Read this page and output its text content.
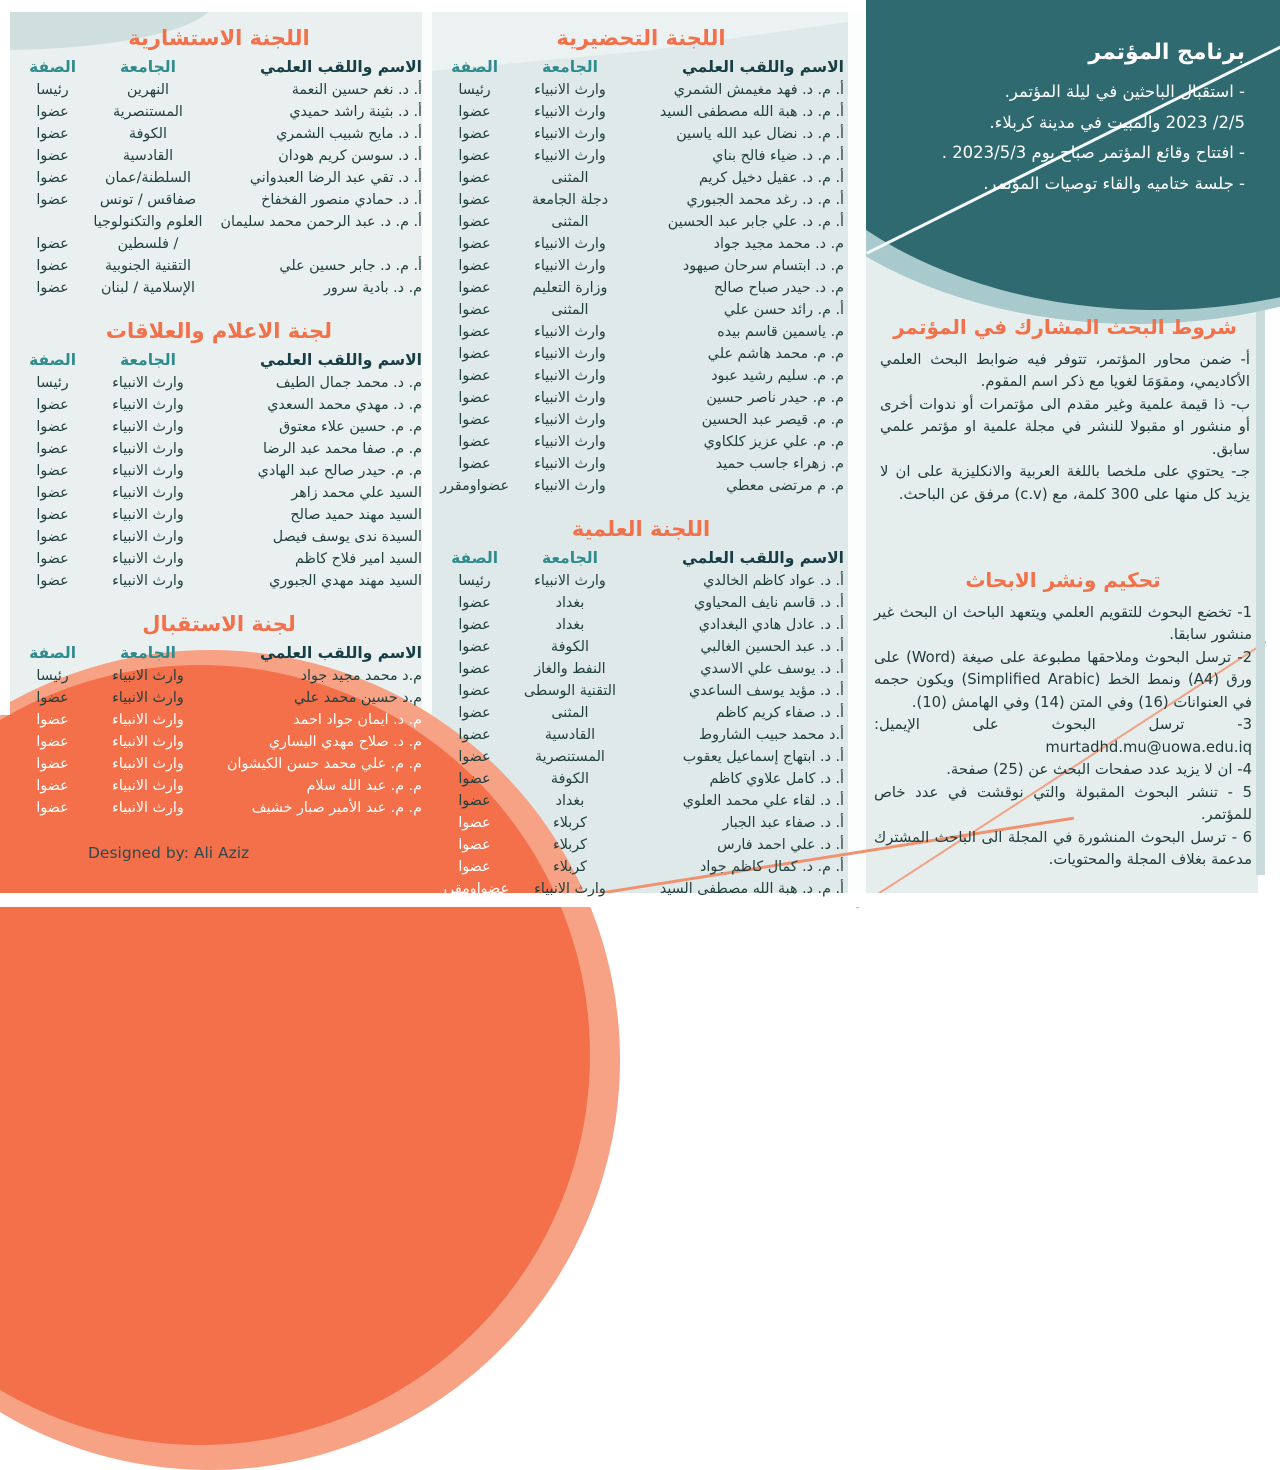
اللجنة الاستشارية
الاسم واللقب العلمي	الجامعة	الصفة
أ. د. نغم حسين النعمة	النهرين	رئيسا
أ. د. بثينة راشد حميدي	المستنصرية	عضوا
أ. د. مايح شبيب الشمري	الكوفة	عضوا
أ. د. سوسن كريم هودان	القادسية	عضوا
أ. د. تقي عبد الرضا العبدواني	السلطنة/عمان	عضوا
أ. د. حمادي منصور الفخفاخ	صفاقس / تونس	عضوا
أ. م. د. عبد الرحمن محمد سليمان	العلوم والتكنولوجيا / فلسطين	عضوا
أ. م. د. جابر حسين علي	التقنية الجنوبية	عضوا
م. د. بادية سرور	الإسلامية / لبنان	عضوا
لجنة الاعلام والعلاقات
الاسم واللقب العلمي	الجامعة	الصفة
م. د. محمد جمال الطيف	وارث الانبياء	رئيسا
م. د. مهدي محمد السعدي	وارث الانبياء	عضوا
م. م. حسين علاء معتوق	وارث الانبياء	عضوا
م. م. صفا محمد عبد الرضا	وارث الانبياء	عضوا
م. م. حيدر صالح عبد الهادي	وارث الانبياء	عضوا
السيد علي محمد زاهر	وارث الانبياء	عضوا
السيد مهند حميد صالح	وارث الانبياء	عضوا
السيدة ندى يوسف فيصل	وارث الانبياء	عضوا
السيد امير فلاح كاظم	وارث الانبياء	عضوا
السيد مهند مهدي الجبوري	وارث الانبياء	عضوا
لجنة الاستقبال
الاسم واللقب العلمي	الجامعة	الصفة
م.د محمد مجيد جواد	وارث الانبياء	رئيسا
م.د حسين محمد علي	وارث الانبياء	عضوا
م. د. ايمان جواد احمد	وارث الانبياء	عضوا
م. د. صلاح مهدي اليساري	وارث الانبياء	عضوا
م. م. علي محمد حسن الكيشوان	وارث الانبياء	عضوا
م. م. عبد الله سلام	وارث الانبياء	عضوا
م. م. عبد الأمير صبار خشيف	وارث الانبياء	عضوا
اللجنة التحضيرية
الاسم واللقب العلمي	الجامعة	الصفة
أ. م. د. فهد مغيمش الشمري	وارث الانبياء	رئيسا
أ. م. د. هبة الله مصطفى السيد	وارث الانبياء	عضوا
أ. م. د. نضال عبد الله ياسين	وارث الانبياء	عضوا
أ. م. د. ضياء فالح بناي	وارث الانبياء	عضوا
أ. م. د. عقيل دخيل كريم	المثنى	عضوا
أ. م. د. رغد محمد الجبوري	دجلة الجامعة	عضوا
أ. م. د. علي جابر عبد الحسين	المثنى	عضوا
م. د. محمد مجيد جواد	وارث الانبياء	عضوا
م. د. ابتسام سرحان صيهود	وارث الانبياء	عضوا
م. د. حيدر صباح صالح	وزارة التعليم	عضوا
أ. م. رائد حسن علي	المثنى	عضوا
م. ياسمين قاسم بيده	وارث الانبياء	عضوا
م. م. محمد هاشم علي	وارث الانبياء	عضوا
م. م. سليم رشيد عبود	وارث الانبياء	عضوا
م. م. حيدر ناصر حسين	وارث الانبياء	عضوا
م. م. قيصر عبد الحسين	وارث الانبياء	عضوا
م. م. علي عزيز كلكاوي	وارث الانبياء	عضوا
م. زهراء جاسب حميد	وارث الانبياء	عضوا
م. م مرتضى معطي	وارث الانبياء	عضواومقرر
اللجنة العلمية
الاسم واللقب العلمي	الجامعة	الصفة
أ. د. عواد كاظم الخالدي	وارث الانبياء	رئيسا
أ. د. قاسم نايف المحياوي	بغداد	عضوا
أ. د. عادل هادي البغدادي	بغداد	عضوا
أ. د. عبد الحسين الغالبي	الكوفة	عضوا
أ. د. يوسف علي الاسدي	النفط والغاز	عضوا
أ. د. مؤيد يوسف الساعدي	التقنية الوسطى	عضوا
أ. د. صفاء كريم كاظم	المثنى	عضوا
أ.د محمد حبيب الشاروط	القادسية	عضوا
أ. د. ابتهاج إسماعيل يعقوب	المستنصرية	عضوا
أ. د. كامل علاوي كاظم	الكوفة	عضوا
أ. د. لقاء علي محمد العلوي	بغداد	عضوا
أ. د. صفاء عبد الجبار	كربلاء	عضوا
أ. د. علي احمد فارس	كربلاء	عضوا
أ. م. د. كمال كاظم جواد	كربلاء	عضوا
أ. م. د. هبة الله مصطفى السيد	وارث الانبياء	عضواومقرر
برنامج المؤتمر
- استقبال الباحثين في ليلة المؤتمر.
2/5/ 2023 والمبيت في مدينة كربلاء.
- افتتاح وقائع المؤتمر صباح يوم 2023/5/3 .
- جلسة ختاميه والقاء توصيات المؤتمر.
شروط البحث المشارك في المؤتمر
أ- ضمن محاور المؤتمر، تتوفر فيه ضوابط البحث العلمي الأكاديمي، ومقوَمَا لغويا مع ذكر اسم المقوم.
ب- ذا قيمة علمية وغير مقدم الى مؤتمرات أو ندوات أخرى أو منشور او مقبولا للنشر في مجلة علمية او مؤتمر علمي سابق.
جـ- يحتوي على ملخصا باللغة العربية والانكليزية على ان لا يزيد كل منها على 300 كلمة، مع (c.v) مرفق عن الباحث.
تحكيم ونشر الابحاث
1- تخضع البحوث للتقويم العلمي ويتعهد الباحث ان البحث غير منشور سابقا.
2- ترسل البحوث وملاحقها مطبوعة على صيغة (Word) على ورق (A4) ونمط الخط (Simplified Arabic) ويكون حجمه في العنوانات (16) وفي المتن (14) وفي الهامش (10).
3- ترسل البحوث على الإيميل: murtadhd.mu@uowa.edu.iq
4- ان لا يزيد عدد صفحات البحث عن (25) صفحة.
5 - تنشر البحوث المقبولة والتي نوقشت في عدد خاص للمؤتمر.
6 - ترسل البحوث المنشورة في المجلة الى الباحث المشترك مدعمة بغلاف المجلة والمحتويات.
Designed by: Ali Aziz
